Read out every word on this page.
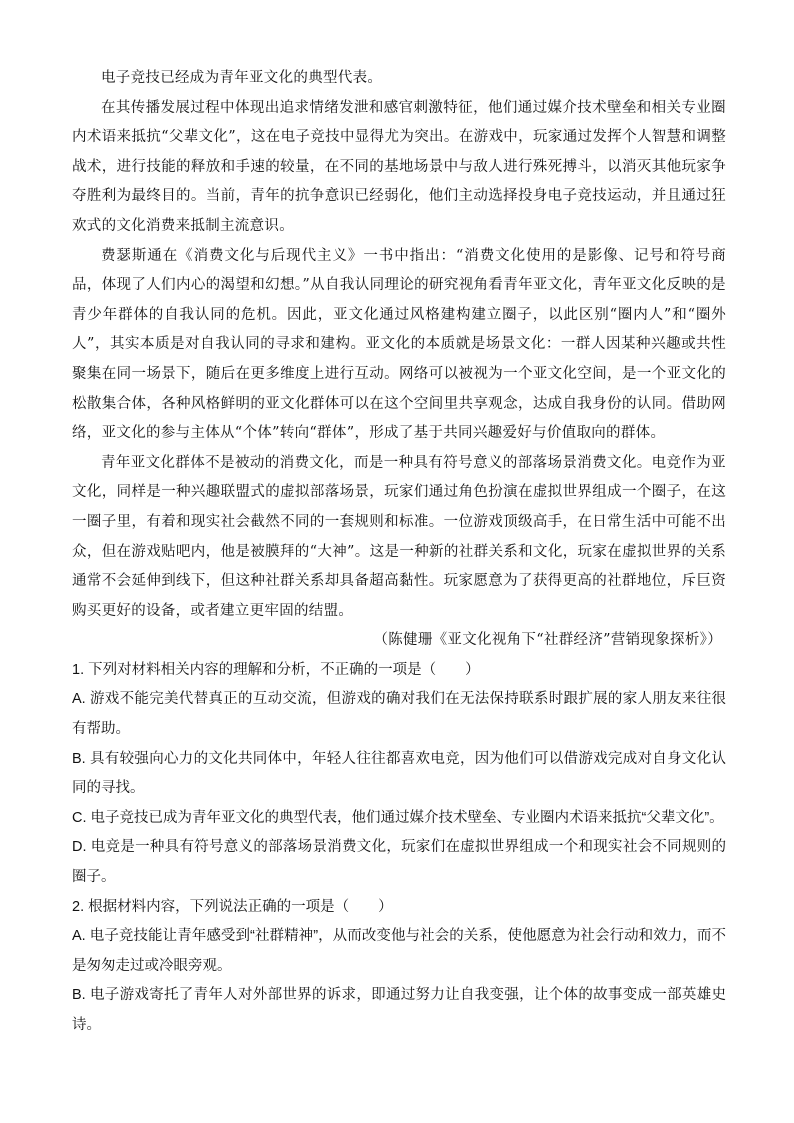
电子竞技已经成为青年亚文化的典型代表。

在其传播发展过程中体现出追求情绪发泄和感官刺激特征，他们通过媒介技术壁垒和相关专业圈内术语来抵抗“父辈文化”，这在电子竞技中显得尤为突出。在游戏中，玩家通过发挥个人智慧和调整战术，进行技能的释放和手速的较量，在不同的基地场景中与敌人进行殊死搏斗，以消灭其他玩家争夺胜利为最终目的。当前，青年的抗争意识已经弱化，他们主动选择投身电子竞技运动，并且通过狂欢式的文化消费来抵制主流意识。

费瑟斯通在《消费文化与后现代主义》一书中指出：“消费文化使用的是影像、记号和符号商品，体现了人们内心的渴望和幻想。”从自我认同理论的研究视角看青年亚文化，青年亚文化反映的是青少年群体的自我认同的危机。因此，亚文化通过风格建构建立圈子，以此区别“圈内人”和“圈外人”，其实本质是对自我认同的寻求和建构。亚文化的本质就是场景文化：一群人因某种兴趣或共性聚集在同一场景下，随后在更多维度上进行互动。网络可以被视为一个亚文化空间，是一个亚文化的松散集合体，各种风格鲜明的亚文化群体可以在这个空间里共享观念，达成自我身份的认同。借助网络，亚文化的参与主体从“个体”转向“群体”，形成了基于共同兴趣爱好与价值取向的群体。

青年亚文化群体不是被动的消费文化，而是一种具有符号意义的部落场景消费文化。电竞作为亚文化，同样是一种兴趣联盟式的虚拟部落场景，玩家们通过角色扮演在虚拟世界组成一个圈子，在这一圈子里，有着和现实社会截然不同的一套规则和标准。一位游戏顶级高手，在日常生活中可能不出众，但在游戏贴吧内，他是被膜拜的“大神”。这是一种新的社群关系和文化，玩家在虚拟世界的关系通常不会延伸到线下，但这种社群关系却具备超高黏性。玩家愿意为了获得更高的社群地位，斥巨资购买更好的设备，或者建立更牢固的结盟。

（陈健珊《亚文化视角下“社群经济”营销现象探析》）

1. 下列对材料相关内容的理解和分析，不正确的一项是（　　）

A. 游戏不能完美代替真正的互动交流，但游戏的确对我们在无法保持联系时跟扩展的家人朋友来往很有帮助。

B. 具有较强向心力的文化共同体中，年轻人往往都喜欢电竞，因为他们可以借游戏完成对自身文化认同的寻找。

C. 电子竞技已成为青年亚文化的典型代表，他们通过媒介技术壁垒、专业圈内术语来抵抗“父辈文化”。

D. 电竞是一种具有符号意义的部落场景消费文化，玩家们在虚拟世界组成一个和现实社会不同规则的圈子。

2. 根据材料内容，下列说法正确的一项是（　　）

A. 电子竞技能让青年感受到“社群精神”，从而改变他与社会的关系，使他愿意为社会行动和效力，而不是匆匆走过或冷眼旁观。

B. 电子游戏寄托了青年人对外部世界的诉求，即通过努力让自我变强，让个体的故事变成一部英雄史诗。
